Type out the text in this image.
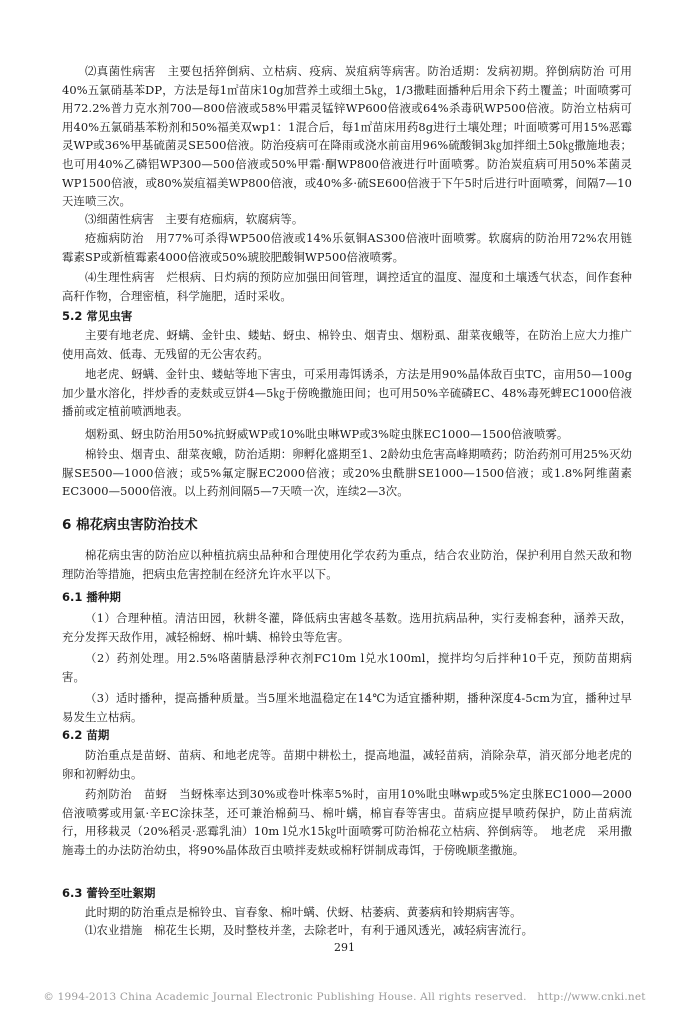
⑵真菌性病害　主要包括猝倒病、立枯病、疫病、炭疽病等病害。防治适期：发病初期。猝倒病防治 可用40%五氯硝基苯DP，方法是每1㎡苗床10g加营养土或细土5㎏，1/3撒畦面播种后用余下药土覆盖；叶面喷雾可用72.2%普力克水剂700—800倍液或58%甲霜灵锰锌WP600倍液或64%杀毒矾WP500倍液。防治立枯病可用40%五氯硝基苯粉剂和50%福美双wp1：1混合后，每1㎡苗床用药8g进行土壤处理；叶面喷雾可用15%恶霉灵WP或36%甲基硫菌灵SE500倍液。防治疫病可在降雨或浇水前亩用96%硫酸铜3㎏加拌细土50㎏撒施地表；也可用40%乙磷铝WP300—500倍液或50%甲霜·酮WP800倍液进行叶面喷雾。防治炭疽病可用50%苯菌灵WP1500倍液，或80%炭疽福美WP800倍液，或40%多·硫SE600倍液于下午5时后进行叶面喷雾，间隔7—10天连喷三次。
⑶细菌性病害　主要有疮痂病，软腐病等。
疮痂病防治　用77%可杀得WP500倍液或14%乐氨铜AS300倍液叶面喷雾。软腐病的防治用72%农用链霉素SP或新植霉素4000倍液或50%琥胶肥酸铜WP500倍液喷雾。
⑷生理性病害　烂根病、日灼病的预防应加强田间管理，调控适宜的温度、湿度和土壤透气状态，间作套种高秆作物，合理密植，科学施肥，适时采收。
5.2 常见虫害
主要有地老虎、蚜螨、金针虫、蝼蛄、蚜虫、棉铃虫、烟青虫、烟粉虱、甜菜夜蛾等，在防治上应大力推广使用高效、低毒、无残留的无公害农药。
地老虎、蚜螨、金针虫、蝼蛄等地下害虫，可采用毒饵诱杀，方法是用90%晶体敌百虫TC，亩用50—100g加少量水溶化，拌炒香的麦麸或豆饼4—5㎏于傍晚撒施田间；也可用50%辛硫磷EC、48%毒死蜱EC1000倍液播前或定植前喷洒地表。
烟粉虱、蚜虫防治用50%抗蚜威WP或10%吡虫啉WP或3%啶虫脒EC1000—1500倍液喷雾。
棉铃虫、烟青虫、甜菜夜蛾，防治适期：卵孵化盛期至1、2龄幼虫危害高峰期喷药；防治药剂可用25%灭幼脲SE500—1000倍液；或5%氟定脲EC2000倍液；或20%虫酰肼SE1000—1500倍液；或1.8%阿维菌素EC3000—5000倍液。以上药剂间隔5—7天喷一次，连续2—3次。
6 棉花病虫害防治技术
棉花病虫害的防治应以种植抗病虫品种和合理使用化学农药为重点，结合农业防治，保护利用自然天敌和物理防治等措施，把病虫危害控制在经济允许水平以下。
6.1 播种期
（1）合理种植。清洁田园，秋耕冬灌，降低病虫害越冬基数。选用抗病品种，实行麦棉套种，涵养天敌，充分发挥天敌作用，减轻棉蚜、棉叶螨、棉铃虫等危害。
（2）药剂处理。用2.5%咯菌腈悬浮种衣剂FC10m l兑水100ml，搅拌均匀后拌种10千克，预防苗期病害。
（3）适时播种，提高播种质量。当5厘米地温稳定在14℃为适宜播种期，播种深度4-5cm为宜，播种过早易发生立枯病。
6.2 苗期
防治重点是苗蚜、苗病、和地老虎等。苗期中耕松土，提高地温，减轻苗病，消除杂草，消灭部分地老虎的卵和初孵幼虫。
药剂防治　苗蚜　当蚜株率达到30%或卷叶株率5%时，亩用10%吡虫啉wp或5%定虫脒EC1000—2000倍液喷雾或用氯·辛EC涂抹茎，还可兼治棉蓟马、棉叶螨，棉盲春等害虫。苗病应提早喷药保护，防止苗病流行，用移栽灵（20%稻灵·恶霉乳油）10m l兑水15㎏叶面喷雾可防治棉花立枯病、猝倒病等。　地老虎　采用撒施毒土的办法防治幼虫，将90%晶体敌百虫喷拌麦麸或棉籽饼制成毒饵，于傍晚顺垄撒施。
6.3 蕾铃至吐絮期
此时期的防治重点是棉铃虫、盲春象、棉叶螨、伏蚜、枯萎病、黄萎病和铃期病害等。
⑴农业措施　棉花生长期，及时整枝并垄，去除老叶，有利于通风透光，减轻病害流行。
291
© 1994-2013 China Academic Journal Electronic Publishing House. All rights reserved.　http://www.cnki.net
